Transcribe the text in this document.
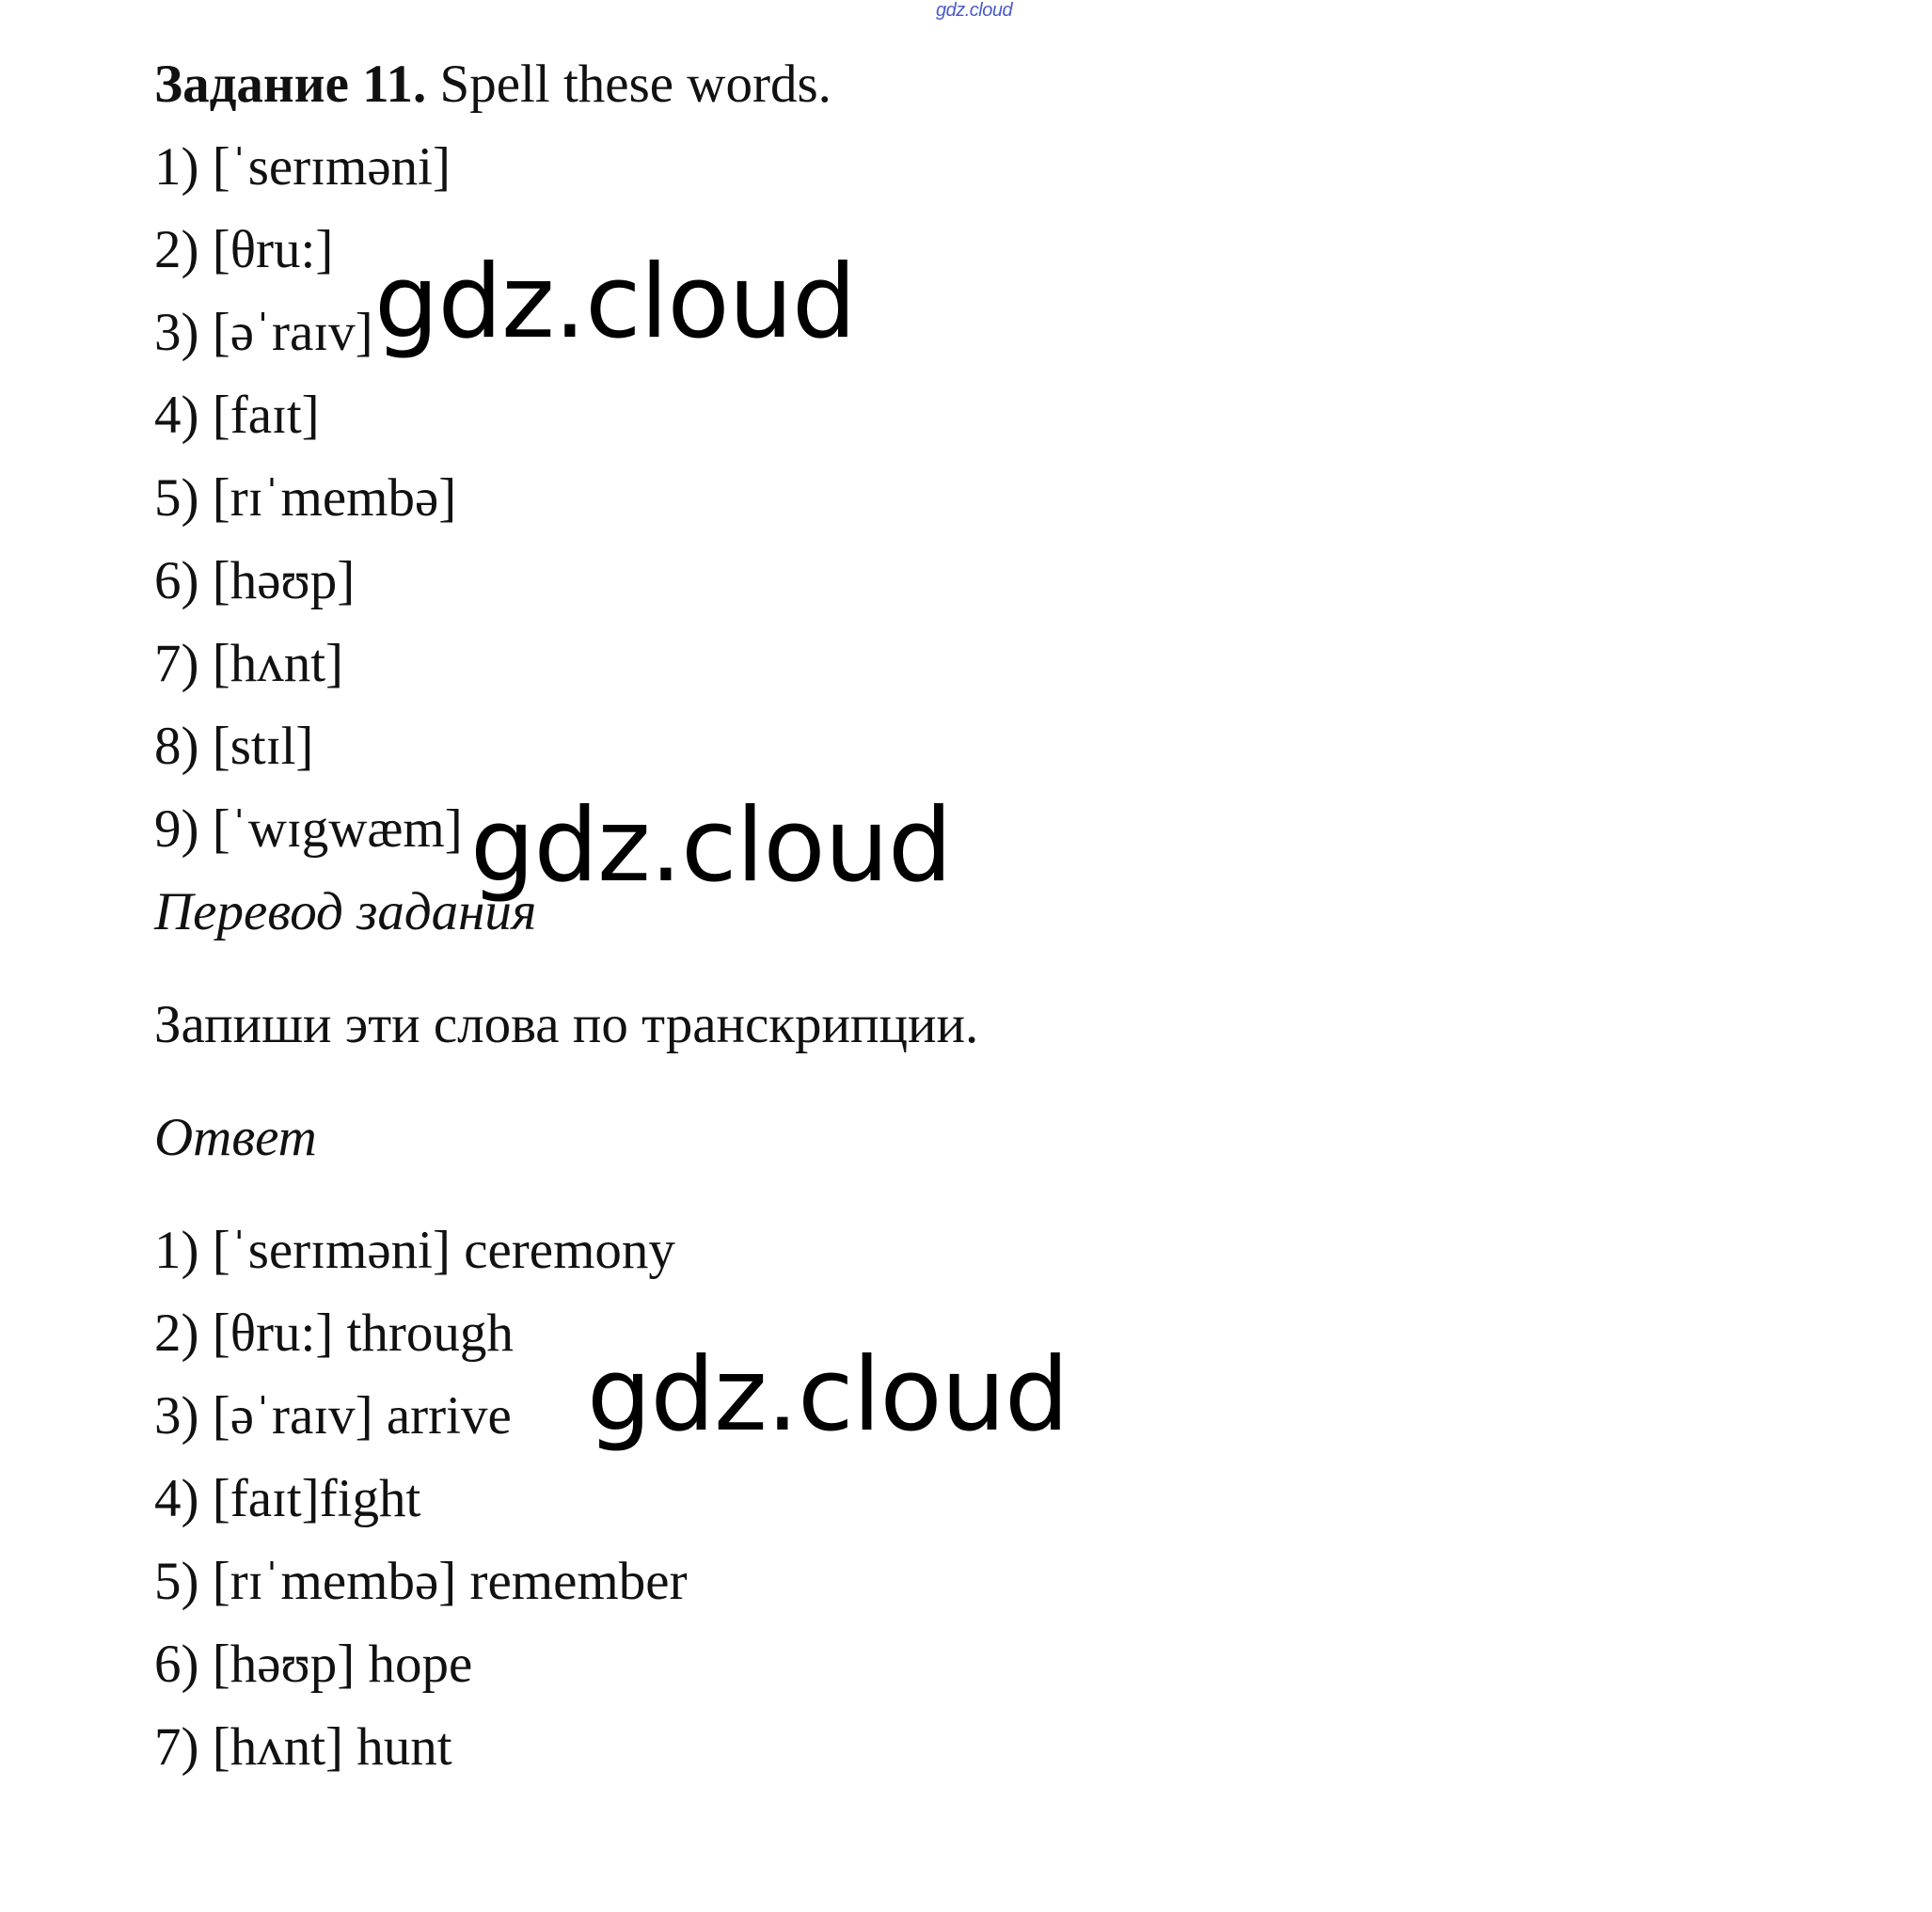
gdz.cloud

Задание 11. Spell these words.

1) [ˈserɪməni]

2) [θru:]

3) [əˈraɪv]

4) [faɪt]

5) [rɪˈmembə]

6) [həʊp]

7) [hʌnt]

8) [stɪl]

9) [ˈwɪgwæm]

Перевод задания

Запиши эти слова по транскрипции.

Ответ

1) [ˈserɪməni] ceremony

2) [θru:] through

3) [əˈraɪv] arrive

4) [faɪt]fight

5) [rɪˈmembə] remember

6) [həʊp] hope

7) [hʌnt] hunt

gdz.cloud
gdz.cloud
gdz.cloud
